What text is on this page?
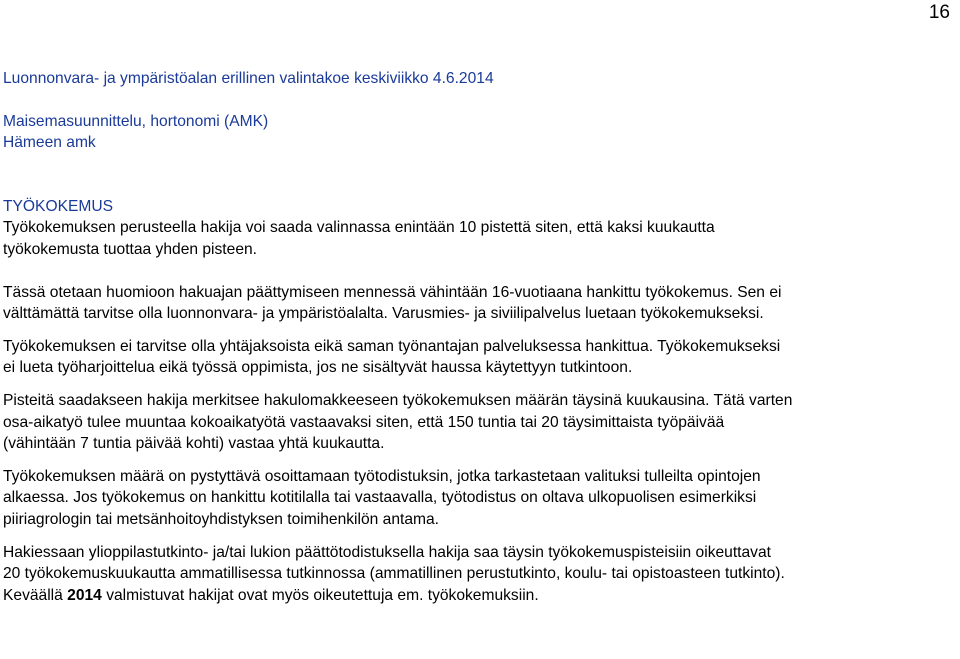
16
Luonnonvara- ja ympäristöalan erillinen valintakoe keskiviikko 4.6.2014
Maisemasuunnittelu, hortonomi (AMK)
Hämeen amk
TYÖKOKEMUS
Työkokemuksen perusteella hakija voi saada valinnassa enintään 10 pistettä siten, että kaksi kuukautta
työkokemusta tuottaa yhden pisteen.
Tässä otetaan huomioon hakuajan päättymiseen mennessä vähintään 16-vuotiaana hankittu työkokemus. Sen ei
välttämättä tarvitse olla luonnonvara- ja ympäristöalalta. Varusmies- ja siviilipalvelus luetaan työkokemukseksi.
Työkokemuksen ei tarvitse olla yhtäjaksoista eikä saman työnantajan palveluksessa hankittua. Työkokemukseksi
ei lueta työharjoittelua eikä työssä oppimista, jos ne sisältyvät haussa käytettyyn tutkintoon.
Pisteitä saadakseen hakija merkitsee hakulomakkeeseen työkokemuksen määrän täysinä kuukausina. Tätä varten
osa-aikatyö tulee muuntaa kokoaikatyötä vastaavaksi siten, että 150 tuntia tai 20 täysimittaista työpäivää
(vähintään 7 tuntia päivää kohti) vastaa yhtä kuukautta.
Työkokemuksen määrä on pystyttävä osoittamaan työtodistuksin, jotka tarkastetaan valituksi tulleilta opintojen
alkaessa. Jos työkokemus on hankittu kotitilalla tai vastaavalla, työtodistus on oltava ulkopuolisen esimerkiksi
piiriagrologin tai metsänhoitoyhdistyksen toimihenkilön antama.
Hakiessaan ylioppilastutkinto- ja/tai lukion päättötodistuksella hakija saa täysin työkokemuspisteisiin oikeuttavat
20 työkokemuskuukautta ammatillisessa tutkinnossa (ammatillinen perustutkinto, koulu- tai opistoasteen tutkinto).
Keväällä 2014 valmistuvat hakijat ovat myös oikeutettuja em. työkokemuksiin.
